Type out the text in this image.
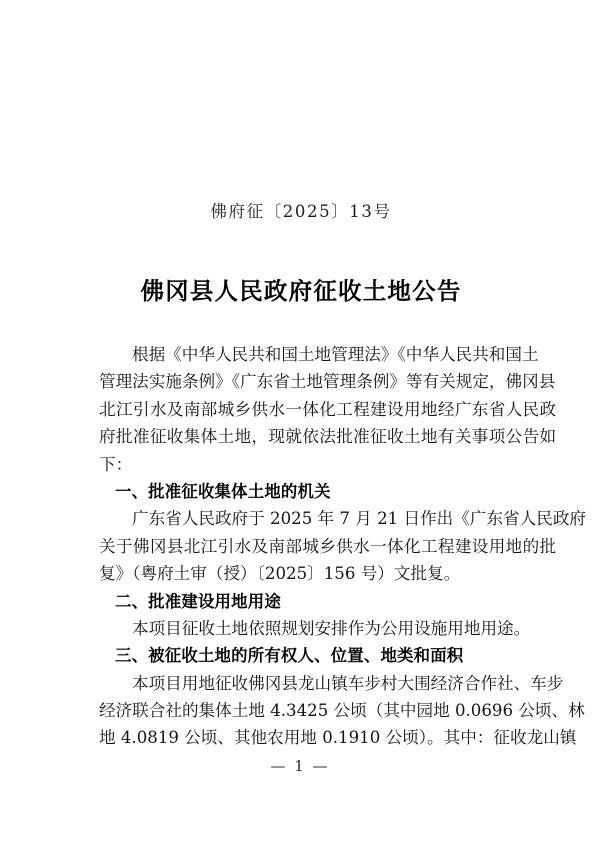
佛府征〔2025〕13号
佛冈县人民政府征收土地公告
根据《中华人民共和国土地管理法》《中华人民共和国土
管理法实施条例》《广东省土地管理条例》等有关规定，佛冈县
北江引水及南部城乡供水一体化工程建设用地经广东省人民政
府批准征收集体土地，现就依法批准征收土地有关事项公告如
下：
一、批准征收集体土地的机关
广东省人民政府于 2025 年 7 月 21 日作出《广东省人民政府
关于佛冈县北江引水及南部城乡供水一体化工程建设用地的批
复》（粤府土审（授）〔2025〕156 号）文批复。
二、批准建设用地用途
本项目征收土地依照规划安排作为公用设施用地用途。
三、被征收土地的所有权人、位置、地类和面积
本项目用地征收佛冈县龙山镇车步村大围经济合作社、车步
经济联合社的集体土地 4.3425 公顷（其中园地 0.0696 公顷、林
地 4.0819 公顷、其他农用地 0.1910 公顷）。其中：征收龙山镇
— 1 —
